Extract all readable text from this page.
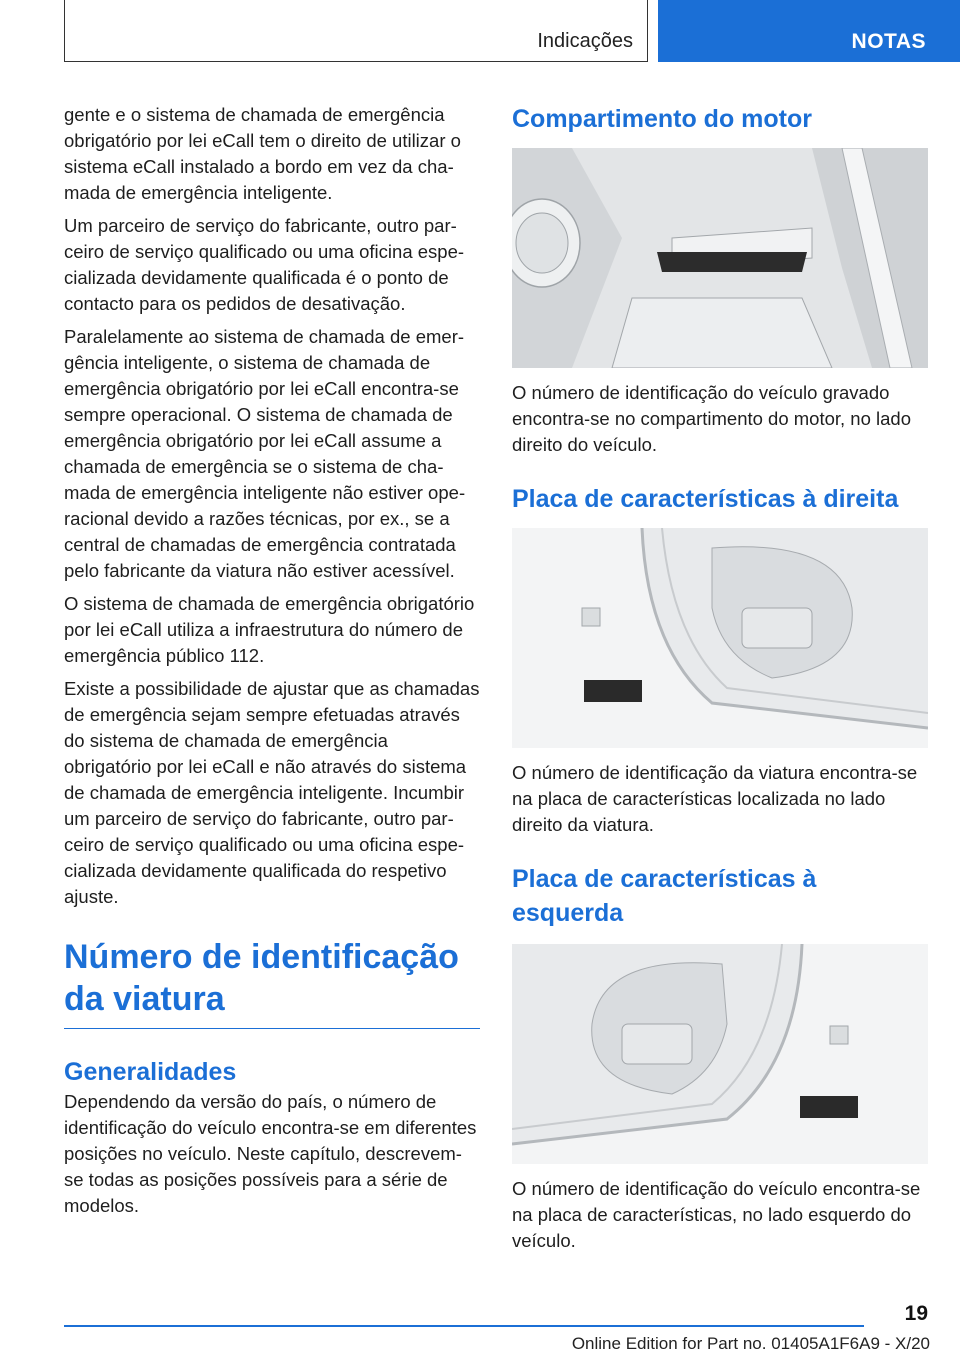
Indicações	NOTAS

gente e o sistema de chamada de emergência obrigatório por lei eCall tem o direito de utilizar o sistema eCall instalado a bordo em vez da chamada de emergência inteligente.

Um parceiro de serviço do fabricante, outro parceiro de serviço qualificado ou uma oficina especializada devidamente qualificada é o ponto de contacto para os pedidos de desativação.

Paralelamente ao sistema de chamada de emergência inteligente, o sistema de chamada de emergência obrigatório por lei eCall encontra-se sempre operacional. O sistema de chamada de emergência obrigatório por lei eCall assume a chamada de emergência se o sistema de chamada de emergência inteligente não estiver operacional devido a razões técnicas, por ex., se a central de chamadas de emergência contratada pelo fabricante da viatura não estiver acessível.

O sistema de chamada de emergência obrigatório por lei eCall utiliza a infraestrutura do número de emergência público 112.

Existe a possibilidade de ajustar que as chamadas de emergência sejam sempre efetuadas através do sistema de chamada de emergência obrigatório por lei eCall e não através do sistema de chamada de emergência inteligente. Incumbir um parceiro de serviço do fabricante, outro parceiro de serviço qualificado ou uma oficina especializada devidamente qualificada do respetivo ajuste.

Número de identificação da viatura
Generalidades

Dependendo da versão do país, o número de identificação do veículo encontra-se em diferentes posições no veículo. Neste capítulo, descrevem-se todas as posições possíveis para a série de modelos.

Compartimento do motor

O número de identificação do veículo gravado encontra-se no compartimento do motor, no lado direito do veículo.

Placa de características à direita

O número de identificação da viatura encontra-se na placa de características localizada no lado direito da viatura.

Placa de características à esquerda

O número de identificação do veículo encontra-se na placa de características, no lado esquerdo do veículo.

19
Online Edition for Part no. 01405A1F6A9 - X/20
